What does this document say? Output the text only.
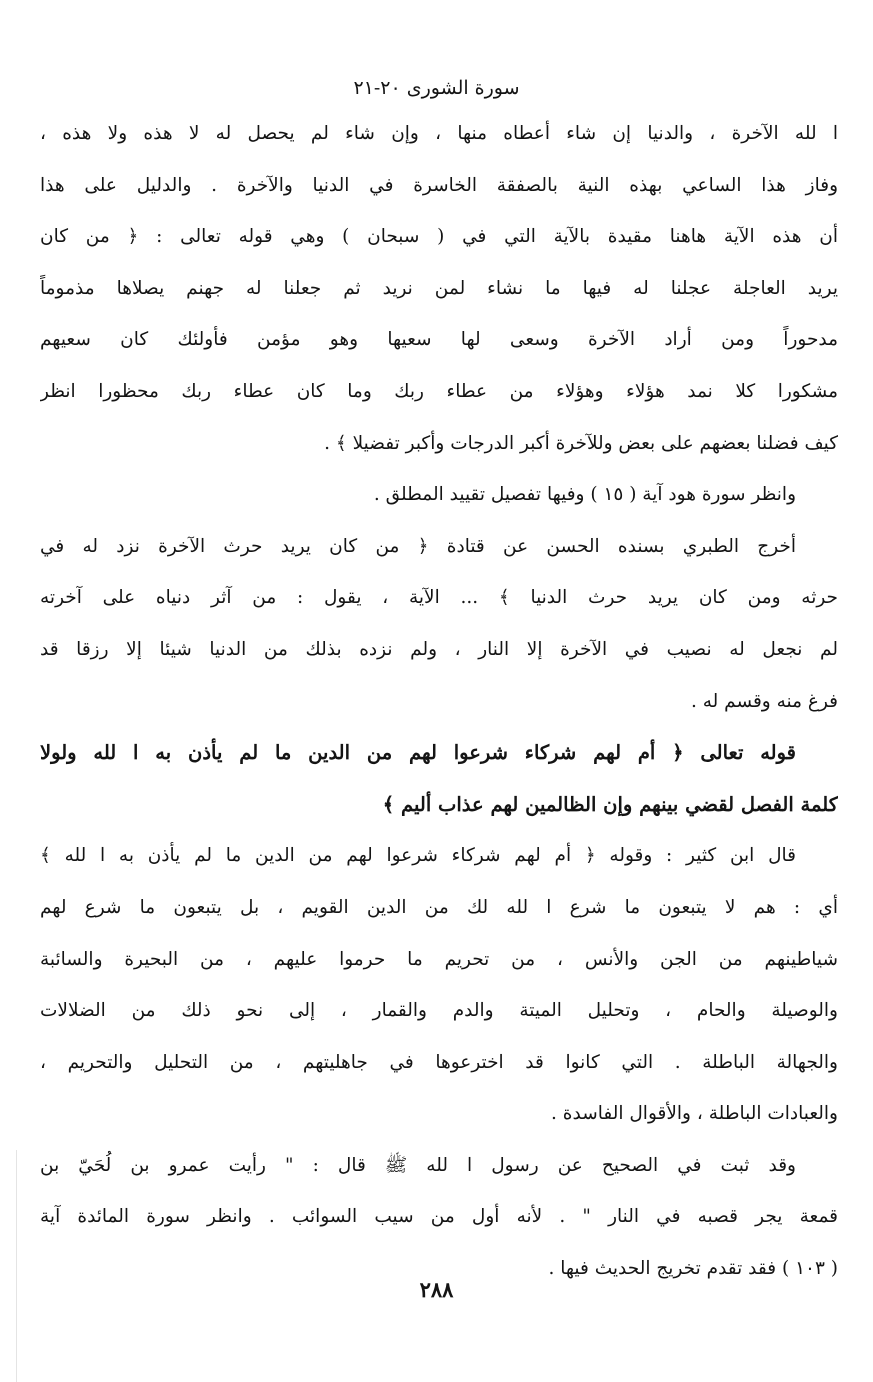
سورة الشورى ٢٠-٢١
ا لله الآخرة ، والدنيا إن شاء أعطاه منها ، وإن شاء لم يحصل له لا هذه ولا هذه ،
وفاز هذا الساعي بهذه النية بالصفقة الخاسرة في الدنيا والآخرة . والدليل على هذا
أن هذه الآية هاهنا مقيدة بالآية التي في ( سبحان ) وهي قوله تعالى : ﴿ من كان
يريد العاجلة عجلنا له فيها ما نشاء لمن نريد ثم جعلنا له جهنم يصلاها مذموماً
مدحوراً ومن أراد الآخرة وسعى لها سعيها وهو مؤمن فأولئك كان سعيهم
مشكورا كلا نمد هؤلاء وهؤلاء من عطاء ربك وما كان عطاء ربك محظورا انظر
كيف فضلنا بعضهم على بعض وللآخرة أكبر الدرجات وأكبر تفضيلا ﴾ .
وانظر سورة هود آية ( ١٥ ) وفيها تفصيل تقييد المطلق .
أخرج الطبري بسنده الحسن عن قتادة ﴿ من كان يريد حرث الآخرة نزد له في
حرثه ومن كان يريد حرث الدنيا ﴾ ... الآية ، يقول : من آثر دنياه على آخرته
لم نجعل له نصيب في الآخرة إلا النار ، ولم نزده بذلك من الدنيا شيئا إلا رزقا قد
فرغ منه وقسم له .
قوله تعالى ﴿ أم لهم شركاء شرعوا لهم من الدين ما لم يأذن به ا لله ولولا
كلمة الفصل لقضي بينهم وإن الظالمين لهم عذاب أليم ﴾
قال ابن كثير : وقوله ﴿ أم لهم شركاء شرعوا لهم من الدين ما لم يأذن به ا لله ﴾
أي : هم لا يتبعون ما شرع ا لله لك من الدين القويم ، بل يتبعون ما شرع لهم
شياطينهم من الجن والأنس ، من تحريم ما حرموا عليهم ، من البحيرة والسائبة
والوصيلة والحام ، وتحليل الميتة والدم والقمار ، إلى نحو ذلك من الضلالات
والجهالة الباطلة . التي كانوا قد اخترعوها في جاهليتهم ، من التحليل والتحريم ،
والعبادات الباطلة ، والأقوال الفاسدة .
وقد ثبت في الصحيح عن رسول ا لله ﷺ قال : " رأيت عمرو بن لُحَيّ بن
قمعة يجر قصبه في النار " . لأنه أول من سيب السوائب . وانظر سورة المائدة آية
( ١٠٣ ) فقد تقدم تخريج الحديث فيها .
٢٨٨
